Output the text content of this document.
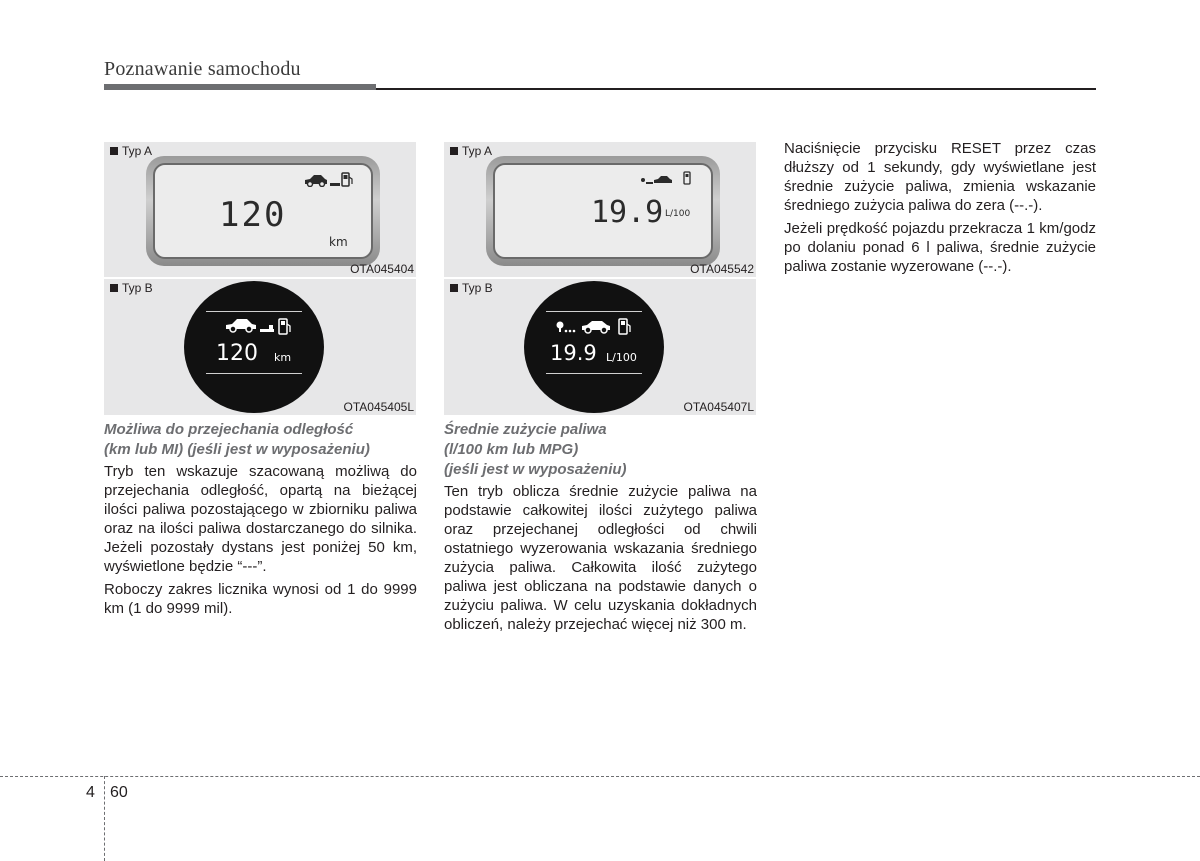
Poznawanie samochodu
Typ A
120
km
OTA045404
Typ B
120 km
OTA045405L
Typ A
19.9 L/100
OTA045542
Typ B
19.9 L/100
OTA045407L
Możliwa do przejechania odległość
(km lub MI) (jeśli jest w wyposażeniu)

Tryb ten wskazuje szacowaną możliwą do przejechania odległość, opartą na bieżącej ilości paliwa pozostającego w zbiorniku paliwa oraz na ilości paliwa dostarczanego do silnika. Jeżeli pozostały dystans jest poniżej 50 km, wyświetlone będzie “---”.

Roboczy zakres licznika wynosi od 1 do 9999 km (1 do 9999 mil).

Średnie zużycie paliwa
(l/100 km lub MPG)
(jeśli jest w wyposażeniu)

Ten tryb oblicza średnie zużycie paliwa na podstawie całkowitej ilości zużytego paliwa oraz przejechanej odległości od chwili ostatniego wyzerowania wskazania średniego zużycia paliwa. Całkowita ilość zużytego paliwa jest obliczana na podstawie danych o zużyciu paliwa. W celu uzyskania dokładnych obliczeń, należy przejechać więcej niż 300 m.

Naciśnięcie przycisku RESET przez czas dłuższy od 1 sekundy, gdy wyświetlane jest średnie zużycie paliwa, zmienia wskazanie średniego zużycia paliwa do zera (--.-).

Jeżeli prędkość pojazdu przekracza 1 km/godz po dolaniu ponad 6 l paliwa, średnie zużycie paliwa zostanie wyzerowane (--.-).

4 60
